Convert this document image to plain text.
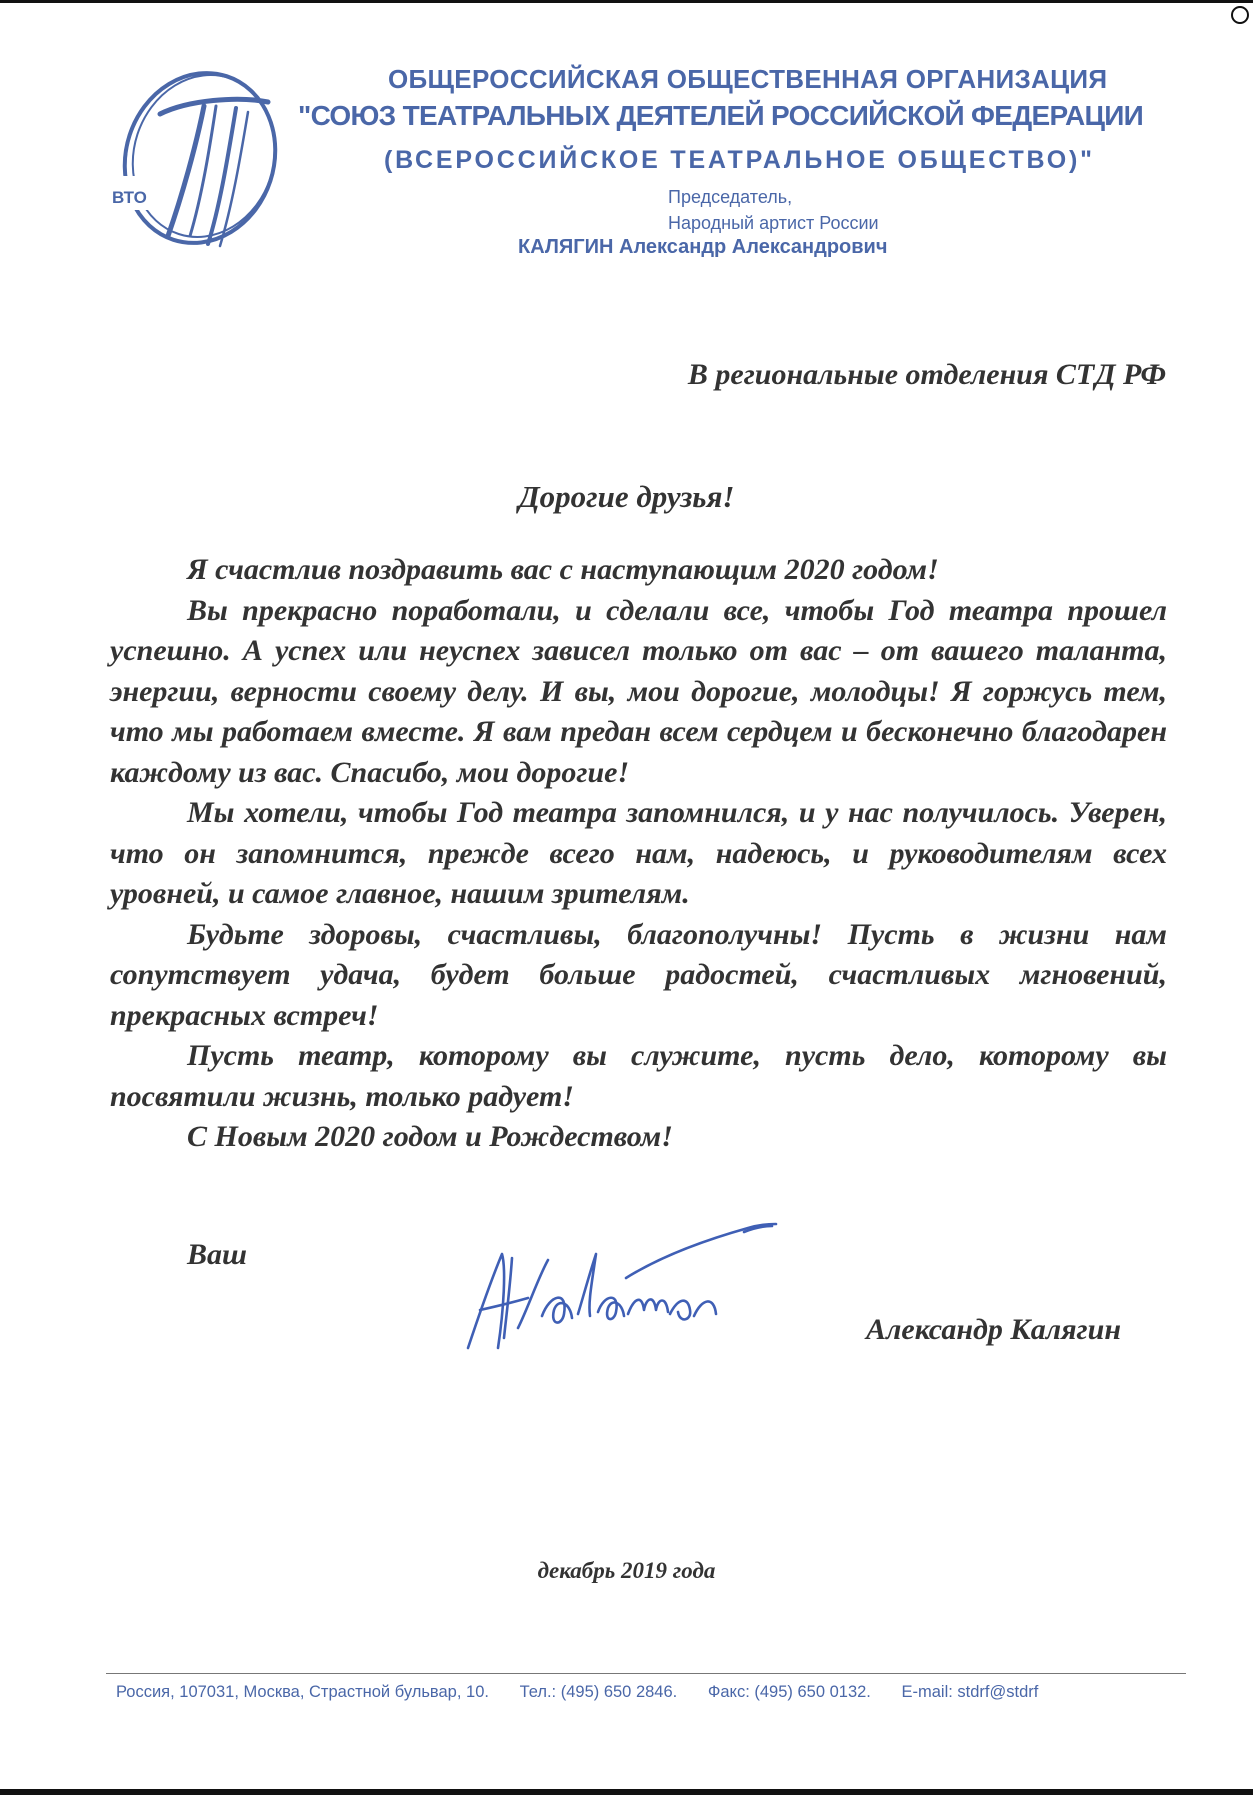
ВТО
ОБЩЕРОССИЙСКАЯ ОБЩЕСТВЕННАЯ ОРГАНИЗАЦИЯ
"СОЮЗ ТЕАТРАЛЬНЫХ ДЕЯТЕЛЕЙ РОССИЙСКОЙ ФЕДЕРАЦИИ
(ВСЕРОССИЙСКОЕ ТЕАТРАЛЬНОЕ ОБЩЕСТВО)"
Председатель,
Народный артист России
КАЛЯГИН Александр Александрович
В региональные отделения СТД РФ
Дорогие друзья!

Я счастлив поздравить вас с наступающим 2020 годом!

Вы прекрасно поработали, и сделали все, чтобы Год театра прошел успешно. А успех или неуспех зависел только от вас – от вашего таланта, энергии, верности своему делу. И вы, мои дорогие, молодцы! Я горжусь тем, что мы работаем вместе. Я вам предан всем сердцем и бесконечно благодарен каждому из вас. Спасибо, мои дорогие!

Мы хотели, чтобы Год театра запомнился, и у нас получилось. Уверен, что он запомнится, прежде всего нам, надеюсь, и руководителям всех уровней, и самое главное, нашим зрителям.

Будьте здоровы, счастливы, благополучны! Пусть в жизни нам сопутствует удача, будет больше радостей, счастливых мгновений, прекрасных встреч!

Пусть театр, которому вы служите, пусть дело, которому вы посвятили жизнь, только радует!

С Новым 2020 годом и Рождеством!

Ваш
Александр Калягин
декабрь 2019 года
Россия, 107031, Москва, Страстной бульвар, 10. Тел.: (495) 650 2846. Факс: (495) 650 0132. E-mail: stdrf@stdrf
